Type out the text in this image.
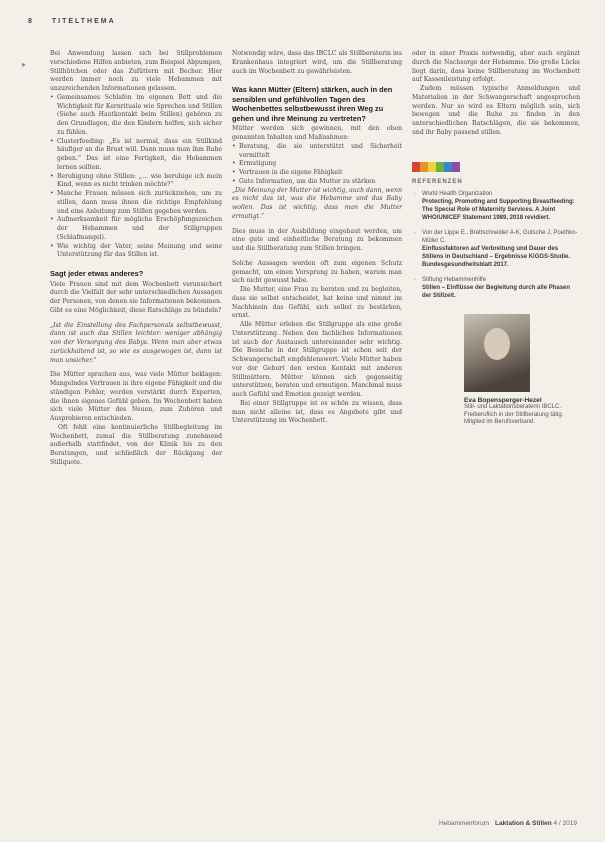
8	TITELTHEMA
▸

Bei Anwendung lassen sich bei Stillproblemen verschiedene Hilfen anbieten, zum Beispiel Abpumpen, Stillhütchen oder das Zufüttern mit Becher. Hier werden immer noch zu viele Hebammen mit unzureichenden Informationen gelassen.

• Gemeinsames Schlafen im eigenen Bett und die Wichtigkeit für Kernrituale wie Sprechen und Stillen (Siehe auch Hautkontakt beim Stillen) gehören zu den Grundlagen, die den Kindern helfen, sich sicher zu fühlen.
• Clusterfeeding: „Es ist normal, dass ein Stillkind häufiger an die Brust will. Dann muss man ihm Ruhe geben.“ Das ist eine Fertigkeit, die Hebammen lernen sollten.
• Beruhigung ohne Stillen: „… wie beruhige ich mein Kind, wenn es nicht trinken möchte?“
• Manche Frauen müssen sich zurückziehen, um zu stillen, dann muss ihnen die richtige Empfehlung und eine Anleitung zum Stillen gegeben werden.
• Aufmerksamkeit für mögliche Erschöpfungszeichen der Hebammen und der Stillgruppen (Schlafmangel).
• Wie wichtig der Vater, seine Meinung und seine Unterstützung für das Stillen ist.
Sagt jeder etwas anderes?

Viele Frauen sind mit dem Wochenbett verunsichert durch die Vielfalt der sehr unterschiedlichen Aussagen der Personen, von denen sie Informationen bekommen. Gibt es eine Möglichkeit, diese Ratschläge zu bündeln?

„Ist die Einstellung des Fachpersonals selbstbewusst, dann ist auch das Stillen leichter: weniger abhängig von der Versorgung des Babys. Wenn man aber etwas zurückhaltend ist, so wie es ausgewogen ist, dann ist man unsicher.“

Die Mütter sprachen aus, was viele Mütter beklagen: Mangelndes Vertrauen in ihre eigene Fähigkeit und die ständigen Fehler, werden verstärkt durch Experten, die ihnen eigenes Gefühl geben. Im Wochenbett haben sich viele Mütter des Neuen, zum Zuhören und Ausprobieren entschieden.

Oft fehlt eine kontinuierliche Stillbegleitung im Wochenbett, zumal die Stillberatung zunehmend außerhalb stattfindet, von der Klinik bis zu den Beratungen, und schließlich der Rückgang der Stillquote.

Notwendig wäre, dass das IBCLC als Stillberaterin ins Krankenhaus integriert wird, um die Stillberatung auch im Wochenbett zu gewährleisten.

Was kann Mütter (Eltern) stärken, auch in den sensiblen und gefühlvollen Tagen des Wochenbettes selbstbewusst ihren Weg zu gehen und ihre Meinung zu vertreten?

Mütter werden sich gewinnen, mit den oben genannten Inhalten und Maßnahmen:

• Beratung, die sie unterstützt und Sicherheit vermittelt
• Ermutigung
• Vertrauen in die eigene Fähigkeit
• Gute Information, um die Mutter zu stärken

„Die Meinung der Mutter ist wichtig, auch dann, wenn es nicht das ist, was die Hebamme und das Baby wollen. Das ist wichtig, dass man die Mutter ermutigt.“

Dies muss in der Ausbildung eingebaut werden, um eine gute und einheitliche Beratung zu bekommen und die Stillberatung zum Stillen bringen.

Solche Aussagen werden oft zum eigenen Schutz gemacht, um einen Vorsprung zu haben, warum man sich nicht gewusst habe.

Die Mutter, eine Frau zu beraten und zu begleiten, dass sie selbst entscheidet, hat keine und nimmt im Nachhinein das Gefühl, sich selbst zu bestärken, ernst.

Alle Mütter erleben die Stillgruppe als eine große Unterstützung. Neben den fachlichen Informationen ist auch der Austausch untereinander sehr wichtig. Die Besuche in der Stillgruppe ist schon seit der Schwangerschaft empfehlenswert. Viele Mütter haben vor der Geburt den ersten Kontakt mit anderen Stillmüttern. Mütter können sich gegenseitig unterstützen, beraten und ermutigen. Manchmal muss auch Gefühl und Emotion gezeigt werden.

Bei einer Stillgruppe ist es schön zu wissen, dass man nicht alleine ist, dass es Angebote gibt und Unterstützung im Wochenbett.

oder in einer Praxis notwendig, aber auch ergänzt durch die Nachsorge der Hebamme. Die große Lücke liegt darin, dass keine Stillberatung im Wochenbett auf Kassenleistung erfolgt.

Zudem müssen typische Anmeldungen und Materialien in der Schwangerschaft angesprochen werden. Nur so wird es Eltern möglich sein, sich bewegen und die Ruhe zu finden in den unterschiedlichen Ratschlägen, die sie bekommen, und ihr Baby passend stillen.

REFERENZEN
· World Health Organization
Protecting, Promoting and Supporting Breastfeeding: The Special Role of Maternity Services. A Joint WHO/UNICEF Statement 1989, 2018 revidiert.
· Von der Lippe E., Brettschneider A-K, Gutsche J, Poethko-Müller C.
Einflussfaktoren auf Verbreitung und Dauer des Stillens in Deutschland – Ergebnisse KiGGS-Studie. Bundesgesundheitsblatt 2017.
· Stiftung Hebammenhilfe
Stillen – Einflüsse der Begleitung durch alle Phasen der Stillzeit.
Eva Bopensperger-Hezel
Still- und Laktationsberaterin IBCLC. Freiberuflich in der Stillberatung tätig. Mitglied im Berufsverband.
Hebammenforum Laktation & Stillen 4 / 2019
